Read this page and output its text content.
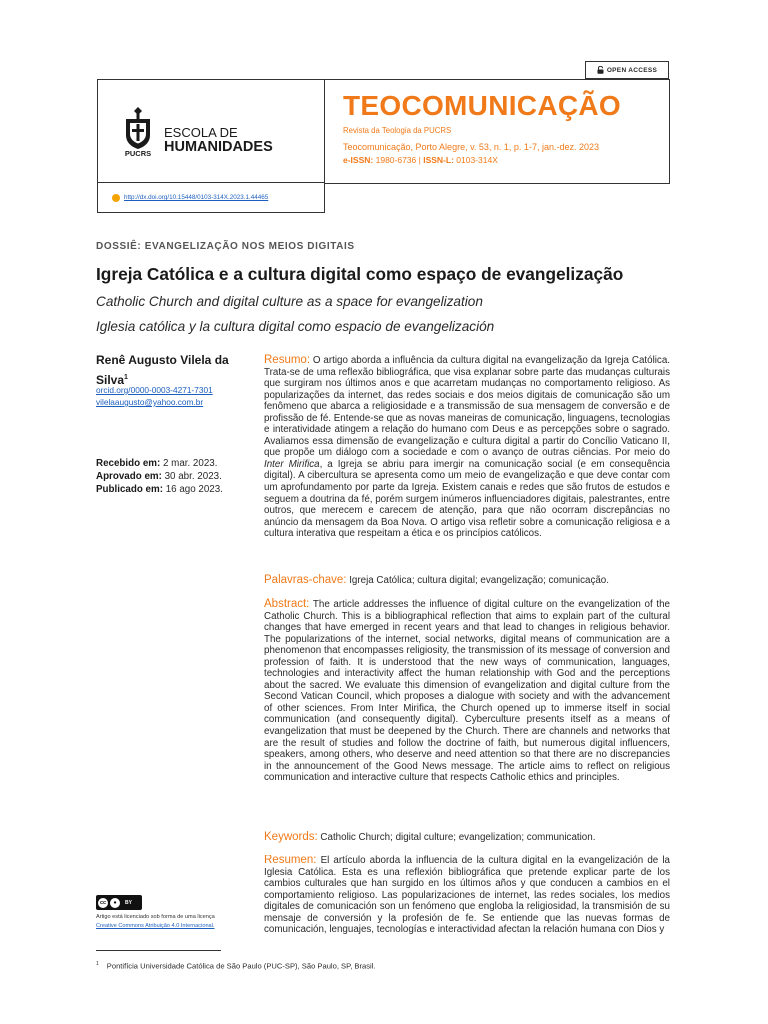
OPEN ACCESS
PUCRS
ESCOLA DE
HUMANIDADES
TEOCOMUNICAÇÃO
Revista da Teologia da PUCRS
Teocomunicação, Porto Alegre, v. 53, n. 1, p. 1-7, jan.-dez. 2023
e-ISSN: 1980-6736 | ISSN-L: 0103-314X
http://dx.doi.org/10.15448/0103-314X.2023.1.44465
DOSSIÊ: EVANGELIZAÇÃO NOS MEIOS DIGITAIS
Igreja Católica e a cultura digital como espaço de evangelização
Catholic Church and digital culture as a space for evangelization
Iglesia católica y la cultura digital como espacio de evangelización
Renê Augusto Vilela da Silva$^1$
orcid.org/0000-0003-4271-7301
vilelaaugusto@yahoo.com.br
Recebido em: 2 mar. 2023.
Aprovado em: 30 abr. 2023.
Publicado em: 16 ago 2023.
Resumo: O artigo aborda a influência da cultura digital na evangelização da Igreja Católica. Trata-se de uma reflexão bibliográfica, que visa explanar sobre parte das mudanças culturais que surgiram nos últimos anos e que acarretam mudanças no comportamento religioso. As popularizações da internet, das redes sociais e dos meios digitais de comunicação são um fenômeno que abarca a religiosidade e a transmissão de sua mensagem de conversão e de profissão de fé. Entende-se que as novas maneiras de comunicação, linguagens, tecnologias e interatividade atingem a relação do humano com Deus e as percepções sobre o sagrado. Avaliamos essa dimensão de evangelização e cultura digital a partir do Concílio Vaticano II, que propõe um diálogo com a sociedade e com o avanço de outras ciências. Por meio do Inter Mirifica, a Igreja se abriu para imergir na comunicação social (e em consequência digital). A cibercultura se apresenta como um meio de evangelização e que deve contar com um aprofundamento por parte da Igreja. Existem canais e redes que são frutos de estudos e seguem a doutrina da fé, porém surgem inúmeros influenciadores digitais, palestrantes, entre outros, que merecem e carecem de atenção, para que não ocorram discrepâncias no anúncio da mensagem da Boa Nova. O artigo visa refletir sobre a comunicação religiosa e a cultura interativa que respeitam a ética e os princípios católicos.
Palavras-chave: Igreja Católica; cultura digital; evangelização; comunicação.
Abstract: The article addresses the influence of digital culture on the evangelization of the Catholic Church. This is a bibliographical reflection that aims to explain part of the cultural changes that have emerged in recent years and that lead to changes in religious behavior. The popularizations of the internet, social networks, digital means of communication are a phenomenon that encompasses religiosity, the transmission of its message of conversion and profession of faith. It is understood that the new ways of communication, languages, technologies and interactivity affect the human relationship with God and the perceptions about the sacred. We evaluate this dimension of evangelization and digital culture from the Second Vatican Council, which proposes a dialogue with society and with the advancement of other sciences. From Inter Mirifica, the Church opened up to immerse itself in social communication (and consequently digital). Cyberculture presents itself as a means of evangelization that must be deepened by the Church. There are channels and networks that are the result of studies and follow the doctrine of faith, but numerous digital influencers, speakers, among others, who deserve and need attention so that there are no discrepancies in the announcement of the Good News message. The article aims to reflect on religious communication and interactive culture that respects Catholic ethics and principles.
Keywords: Catholic Church; digital culture; evangelization; communication.
Resumen: El artículo aborda la influencia de la cultura digital en la evangelización de la Iglesia Católica. Esta es una reflexión bibliográfica que pretende explicar parte de los cambios culturales que han surgido en los últimos años y que conducen a cambios en el comportamiento religioso. Las popularizaciones de internet, las redes sociales, los medios digitales de comunicación son un fenómeno que engloba la religiosidad, la transmisión de su mensaje de conversión y la profesión de fe. Se entiende que las nuevas formas de comunicación, lenguajes, tecnologías e interactividad afectan la relación humana con Dios y
cc	●	BY
Artigo está licenciado sob forma de uma licença
Creative Commons Atribuição 4.0 Internacional.
$^1$ Pontifícia Universidade Católica de São Paulo (PUC-SP), São Paulo, SP, Brasil.
